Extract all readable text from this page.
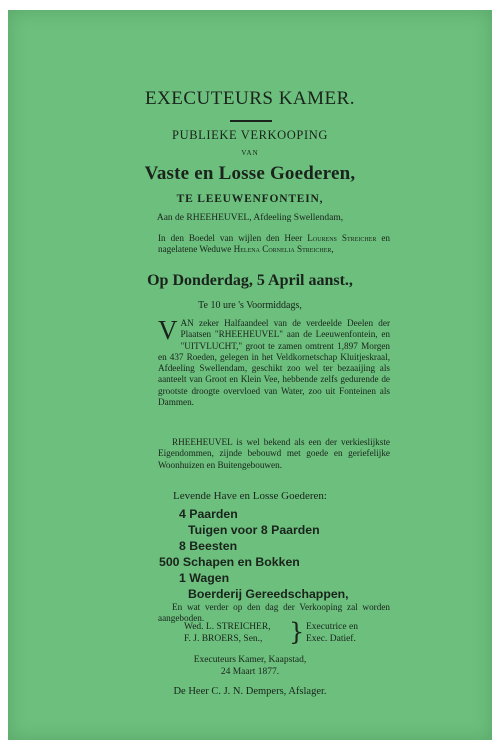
EXECUTEURS KAMER.
PUBLIEKE VERKOOPING
VAN
Vaste en Losse Goederen,
TE LEEUWENFONTEIN,
Aan de RHEEHEUVEL, Afdeeling Swellendam,
In den Boedel van wijlen den Heer Lourens Streicher en nagelatene Weduwe Helena Cornelia Streicher,
Op Donderdag, 5 April aanst.,
Te 10 ure 's Voormiddags,
VAN zeker Halfaandeel van de verdeelde Deelen der Plaatsen "RHEEHEUVEL" aan de Leeuwenfontein, en "UITVLUCHT," groot te zamen omtrent 1,897 Morgen en 437 Roeden, gelegen in het Veldkornetschap Kluitjeskraal, Afdeeling Swellendam, geschikt zoo wel ter bezaaijing als aanteelt van Groot en Klein Vee, hebbende zelfs gedurende de grootste droogte overvloed van Water, zoo uit Fonteinen als Dammen.
RHEEHEUVEL is wel bekend als een der verkieslijkste Eigendommen, zijnde bebouwd met goede en geriefelijke Woonhuizen en Buitengebouwen.
Levende Have en Losse Goederen:
4 Paarden
Tuigen voor 8 Paarden
8 Beesten
500 Schapen en Bokken
1 Wagen
Boerderij Gereedschappen,
En wat verder op den dag der Verkooping zal worden aangeboden.
Wed. L. STREICHER,
F. J. BROERS, Sen., } Executrice en
Exec. Datief.
Executeurs Kamer, Kaapstad,
24 Maart 1877.
De Heer C. J. N. Dempers, Afslager.
